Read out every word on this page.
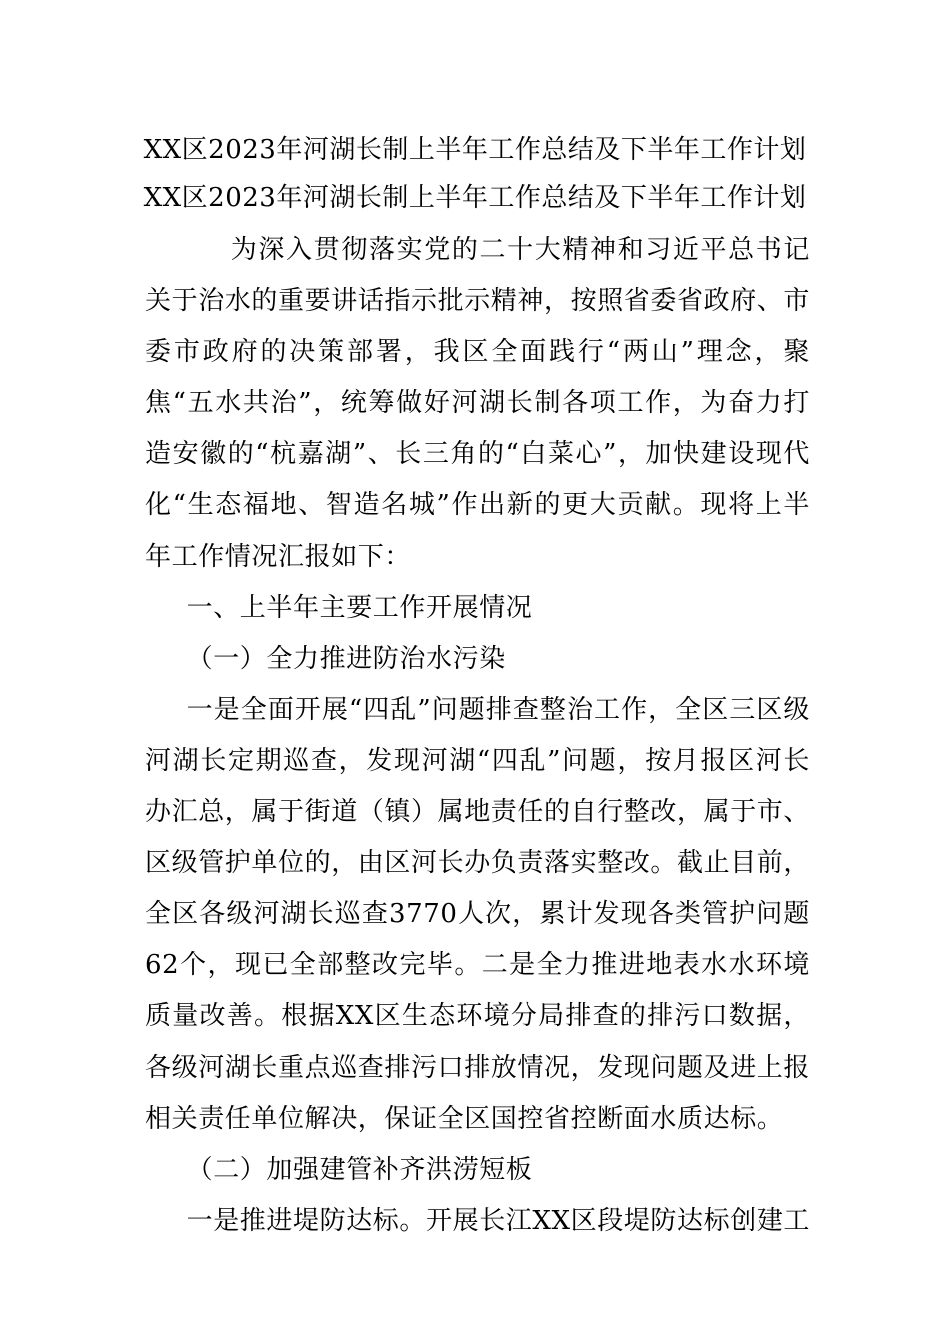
XX区2023年河湖长制上半年工作总结及下半年工作计划
XX区2023年河湖长制上半年工作总结及下半年工作计划

为深入贯彻落实党的二十大精神和习近平总书记关于治水的重要讲话指示批示精神，按照省委省政府、市委市政府的决策部署，我区全面践行“两山”理念，聚焦“五水共治”，统筹做好河湖长制各项工作，为奋力打造安徽的“杭嘉湖”、长三角的“白菜心”，加快建设现代化“生态福地、智造名城”作出新的更大贡献。现将上半年工作情况汇报如下：

一、上半年主要工作开展情况

（一）全力推进防治水污染

一是全面开展“四乱”问题排查整治工作，全区三区级河湖长定期巡查，发现河湖“四乱”问题，按月报区河长办汇总，属于街道（镇）属地责任的自行整改，属于市、区级管护单位的，由区河长办负责落实整改。截止目前，全区各级河湖长巡查3770人次，累计发现各类管护问题62个，现已全部整改完毕。二是全力推进地表水水环境质量改善。根据XX区生态环境分局排查的排污口数据，各级河湖长重点巡查排污口排放情况，发现问题及进上报相关责任单位解决，保证全区国控省控断面水质达标。

（二）加强建管补齐洪涝短板

一是推进堤防达标。开展长江XX区段堤防达标创建工
